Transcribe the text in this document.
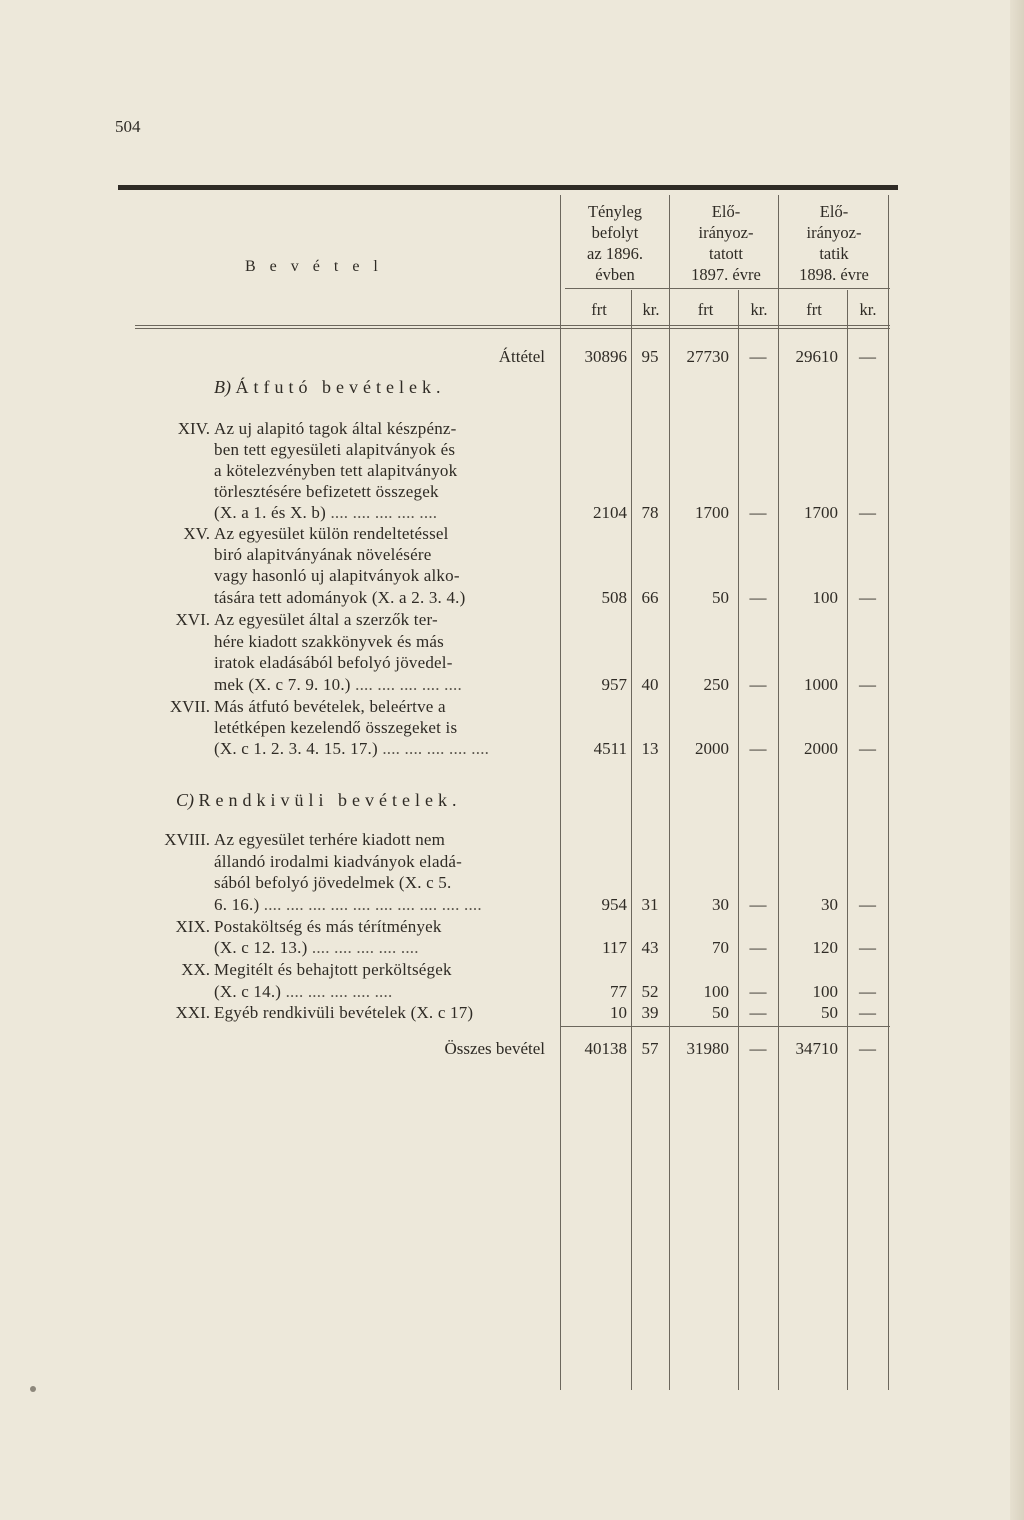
504
B e v é t e l
Tényleg
befolyt
az 1896.
évben
Elő-
irányoz-
tatott
1897. évre
Elő-
irányoz-
tatik
1898. évre
frt	kr.	frt	kr.	frt	kr.
Áttétel	30896 95	27730	—	29610	—
B) Átfutó bevételek.
XIV. Az uj alapitó tagok által készpénz-
ben tett egyesületi alapitványok és
a kötelezvényben tett alapitványok
törlesztésére befizetett összegek
(X. a 1. és X. b) .... .... .... .... ....	2104 78	1700	—	1700	—
XV. Az egyesület külön rendeltetéssel
biró alapitványának növelésére
vagy hasonló uj alapitványok alko-
tására tett adományok (X. a 2. 3. 4.)	508 66	50	—	100	—
XVI. Az egyesület által a szerzők ter-
hére kiadott szakkönyvek és más
iratok eladásából befolyó jövedel-
mek (X. c 7. 9. 10.) .... .... .... .... ....	957 40	250	—	1000	—
XVII. Más átfutó bevételek, beleértve a
letétképen kezelendő összegeket is
(X. c 1. 2. 3. 4. 15. 17.) .... .... .... .... ....	4511 13	2000	—	2000	—
C) Rendkivüli bevételek.
XVIII. Az egyesület terhére kiadott nem
állandó irodalmi kiadványok eladá-
sából befolyó jövedelmek (X. c 5.
6. 16.) .... .... .... .... .... .... .... .... .... ....	954 31	30	—	30	—
XIX. Postaköltség és más térítmények
(X. c 12. 13.) .... .... .... .... ....	117 43	70	—	120	—
XX. Megitélt és behajtott perköltségek
(X. c 14.) .... .... .... .... ....	77 52	100	—	100	—
XXI. Egyéb rendkivüli bevételek (X. c 17)	10 39	50	—	50	—
Összes bevétel	40138 57	31980	—	34710	—
